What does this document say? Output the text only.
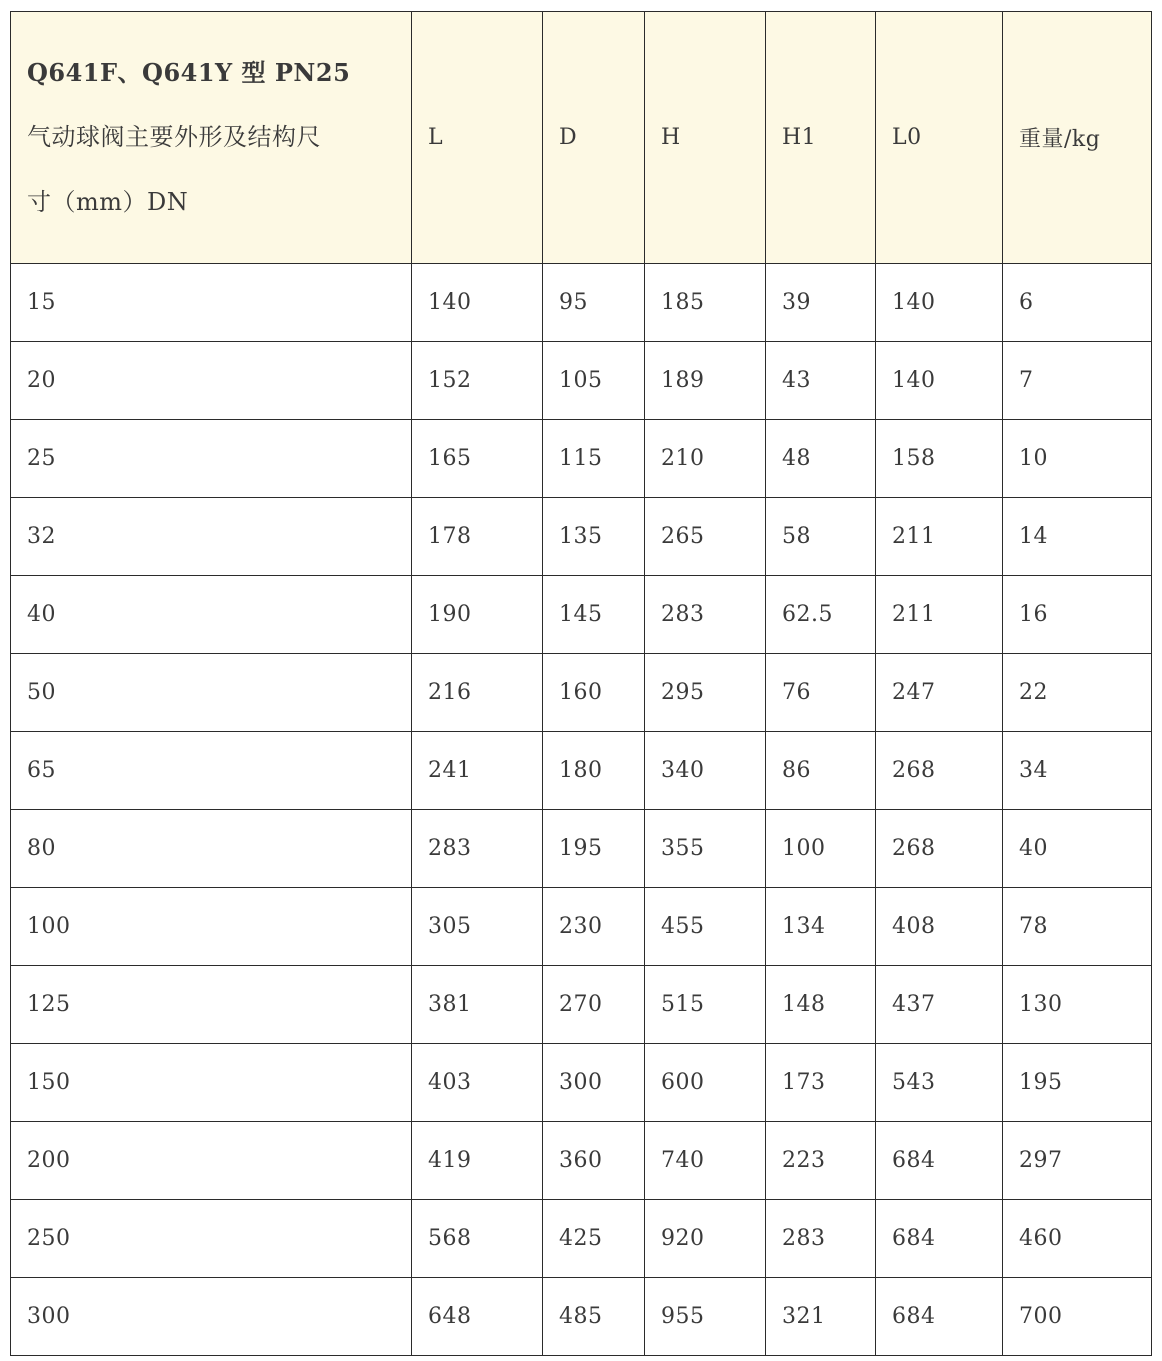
Q641F、Q641Y 型 PN25
气动球阀主要外形及结构尺
寸（mm）DN	L	D	H	H1	L0	重量/kg
15	140	95	185	39	140	6
20	152	105	189	43	140	7
25	165	115	210	48	158	10
32	178	135	265	58	211	14
40	190	145	283	62.5	211	16
50	216	160	295	76	247	22
65	241	180	340	86	268	34
80	283	195	355	100	268	40
100	305	230	455	134	408	78
125	381	270	515	148	437	130
150	403	300	600	173	543	195
200	419	360	740	223	684	297
250	568	425	920	283	684	460
300	648	485	955	321	684	700
